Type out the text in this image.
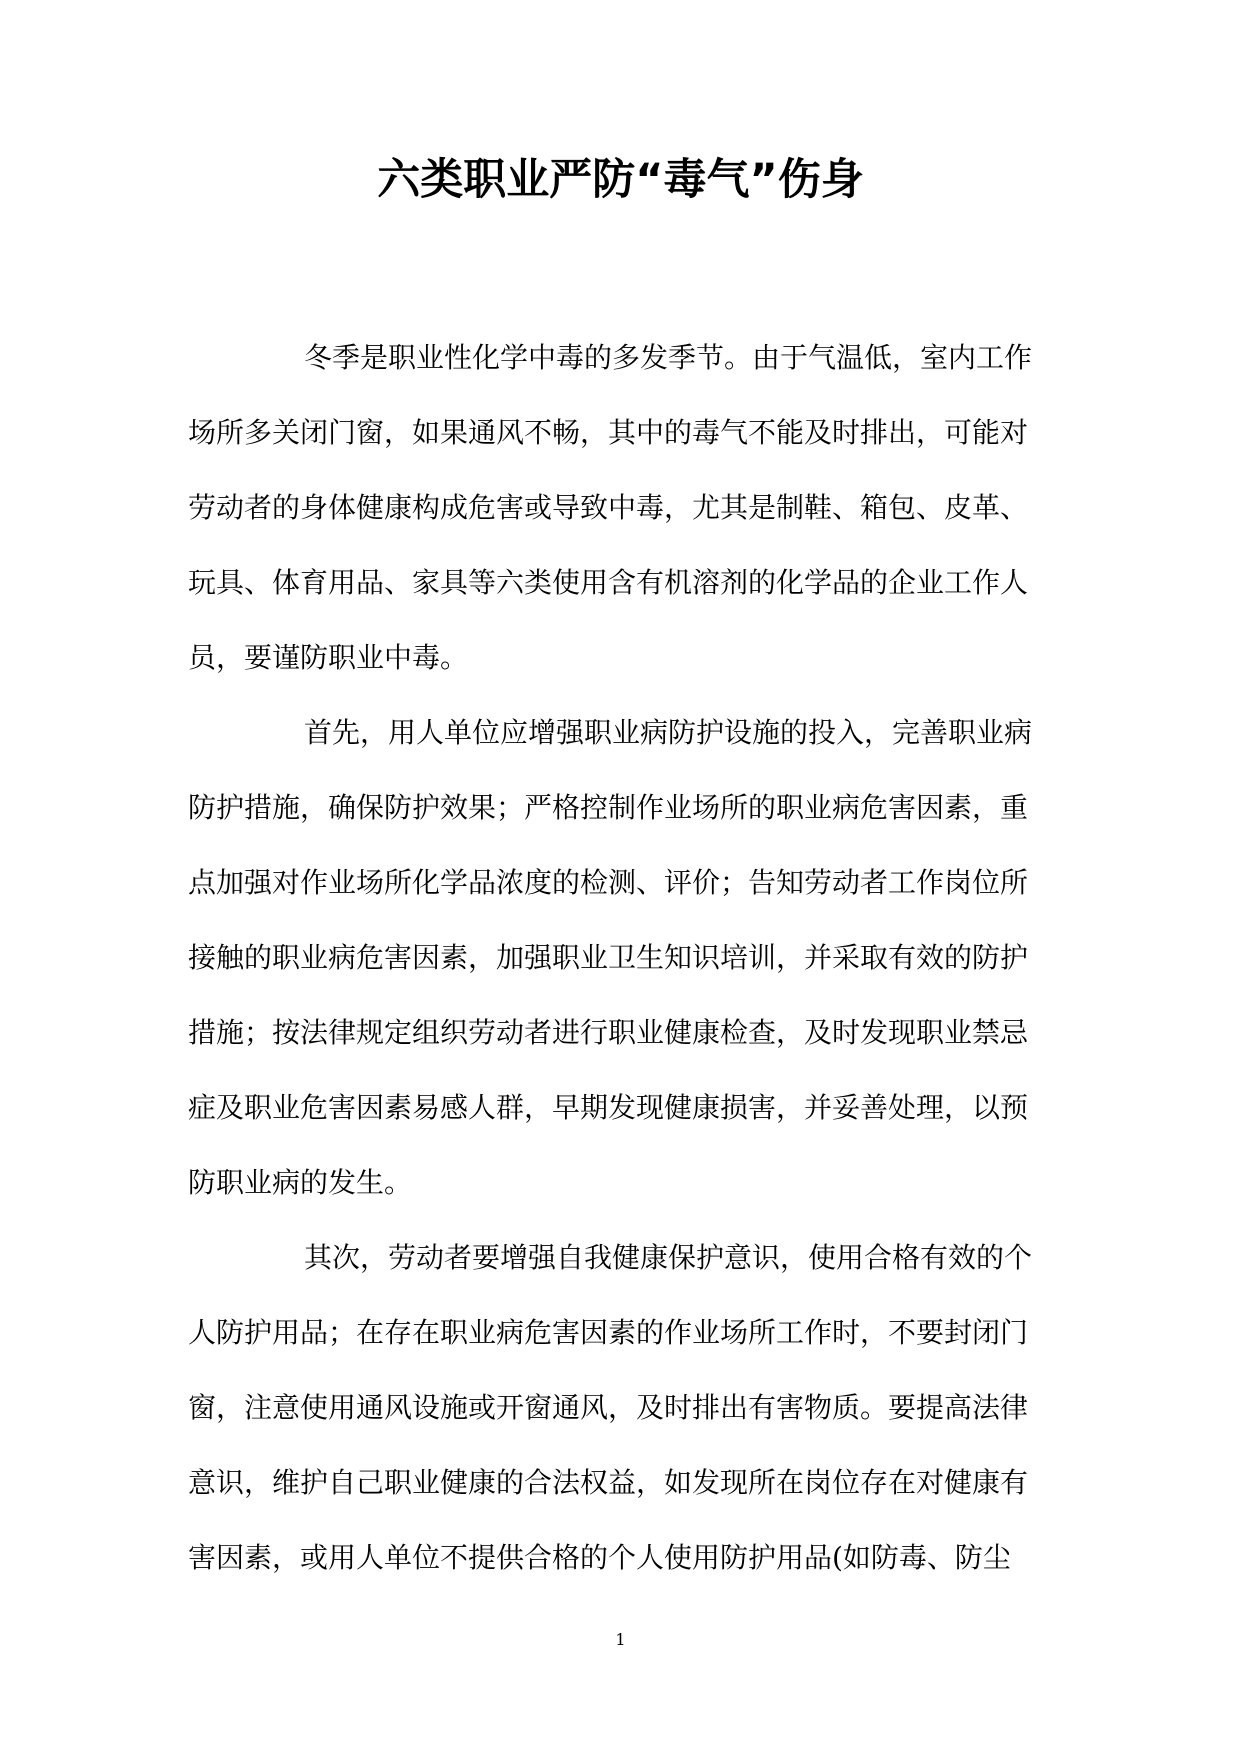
六类职业严防“毒气”伤身
冬季是职业性化学中毒的多发季节。由于气温低，室内工作
场所多关闭门窗，如果通风不畅，其中的毒气不能及时排出，可能对
劳动者的身体健康构成危害或导致中毒，尤其是制鞋、箱包、皮革、
玩具、体育用品、家具等六类使用含有机溶剂的化学品的企业工作人
员，要谨防职业中毒。
首先，用人单位应增强职业病防护设施的投入，完善职业病
防护措施，确保防护效果；严格控制作业场所的职业病危害因素，重
点加强对作业场所化学品浓度的检测、评价；告知劳动者工作岗位所
接触的职业病危害因素，加强职业卫生知识培训，并采取有效的防护
措施；按法律规定组织劳动者进行职业健康检查，及时发现职业禁忌
症及职业危害因素易感人群，早期发现健康损害，并妥善处理，以预
防职业病的发生。
其次，劳动者要增强自我健康保护意识，使用合格有效的个
人防护用品；在存在职业病危害因素的作业场所工作时，不要封闭门
窗，注意使用通风设施或开窗通风，及时排出有害物质。要提高法律
意识，维护自己职业健康的合法权益，如发现所在岗位存在对健康有
害因素，或用人单位不提供合格的个人使用防护用品(如防毒、防尘
1
